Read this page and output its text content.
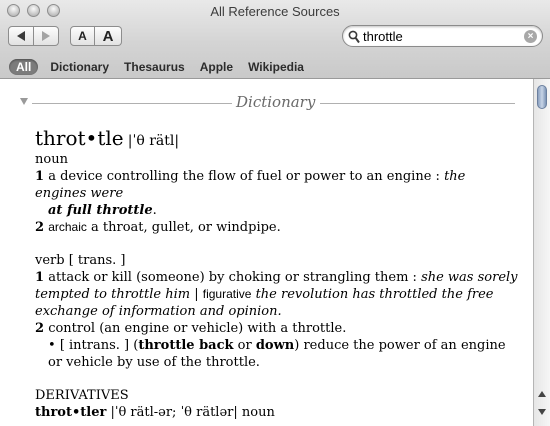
All Reference Sources
A	A
throttle	×
All	Dictionary Thesaurus Apple Wikipedia
Dictionary
throt•tle |ˈθ rätl|
noun
1 a device controlling the flow of fuel or power to an engine : the engines were
at full throttle.
2 archaic a throat, gullet, or windpipe.
verb [ trans. ]
1 attack or kill (someone) by choking or strangling them : she was sorely tempted to throttle him | figurative the revolution has throttled the free exchange of information and opinion.
2 control (an engine or vehicle) with a throttle.
• [ intrans. ] (throttle back or down) reduce the power of an engine or vehicle by use of the throttle.
DERIVATIVES
throt•tler |ˈθ rätl-ər; ˈθ rätlər| noun
